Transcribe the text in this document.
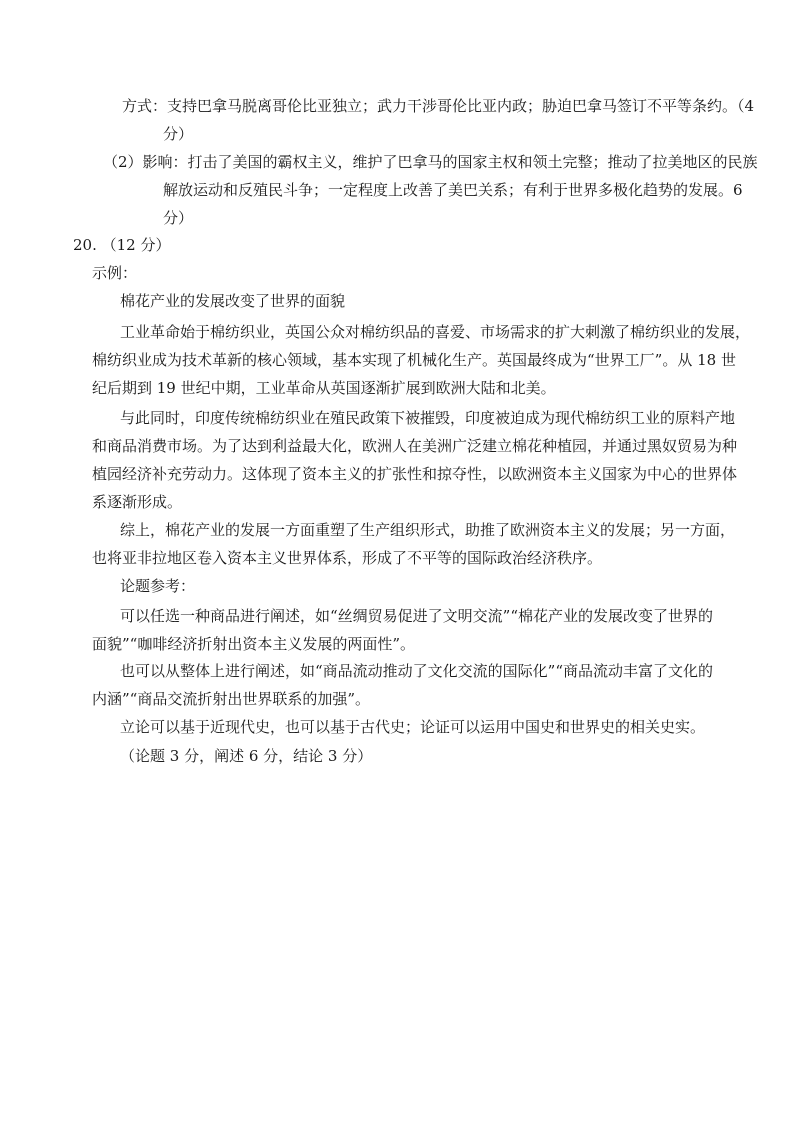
方式：支持巴拿马脱离哥伦比亚独立；武力干涉哥伦比亚内政；胁迫巴拿马签订不平等条约。（4
分）
（2）影响：打击了美国的霸权主义，维护了巴拿马的国家主权和领土完整；推动了拉美地区的民族
解放运动和反殖民斗争；一定程度上改善了美巴关系；有利于世界多极化趋势的发展。6
分）
20. （12 分）
示例：
棉花产业的发展改变了世界的面貌
工业革命始于棉纺织业，英国公众对棉纺织品的喜爱、市场需求的扩大刺激了棉纺织业的发展，
棉纺织业成为技术革新的核心领域，基本实现了机械化生产。英国最终成为“世界工厂”。从 18 世
纪后期到 19 世纪中期，工业革命从英国逐渐扩展到欧洲大陆和北美。
与此同时，印度传统棉纺织业在殖民政策下被摧毁，印度被迫成为现代棉纺织工业的原料产地
和商品消费市场。为了达到利益最大化，欧洲人在美洲广泛建立棉花种植园，并通过黑奴贸易为种
植园经济补充劳动力。这体现了资本主义的扩张性和掠夺性，以欧洲资本主义国家为中心的世界体
系逐渐形成。
综上，棉花产业的发展一方面重塑了生产组织形式，助推了欧洲资本主义的发展；另一方面，
也将亚非拉地区卷入资本主义世界体系，形成了不平等的国际政治经济秩序。
论题参考：
可以任选一种商品进行阐述，如“丝绸贸易促进了文明交流”“棉花产业的发展改变了世界的
面貌”“咖啡经济折射出资本主义发展的两面性”。
也可以从整体上进行阐述，如“商品流动推动了文化交流的国际化”“商品流动丰富了文化的
内涵”“商品交流折射出世界联系的加强”。
立论可以基于近现代史，也可以基于古代史；论证可以运用中国史和世界史的相关史实。
（论题 3 分，阐述 6 分，结论 3 分）
